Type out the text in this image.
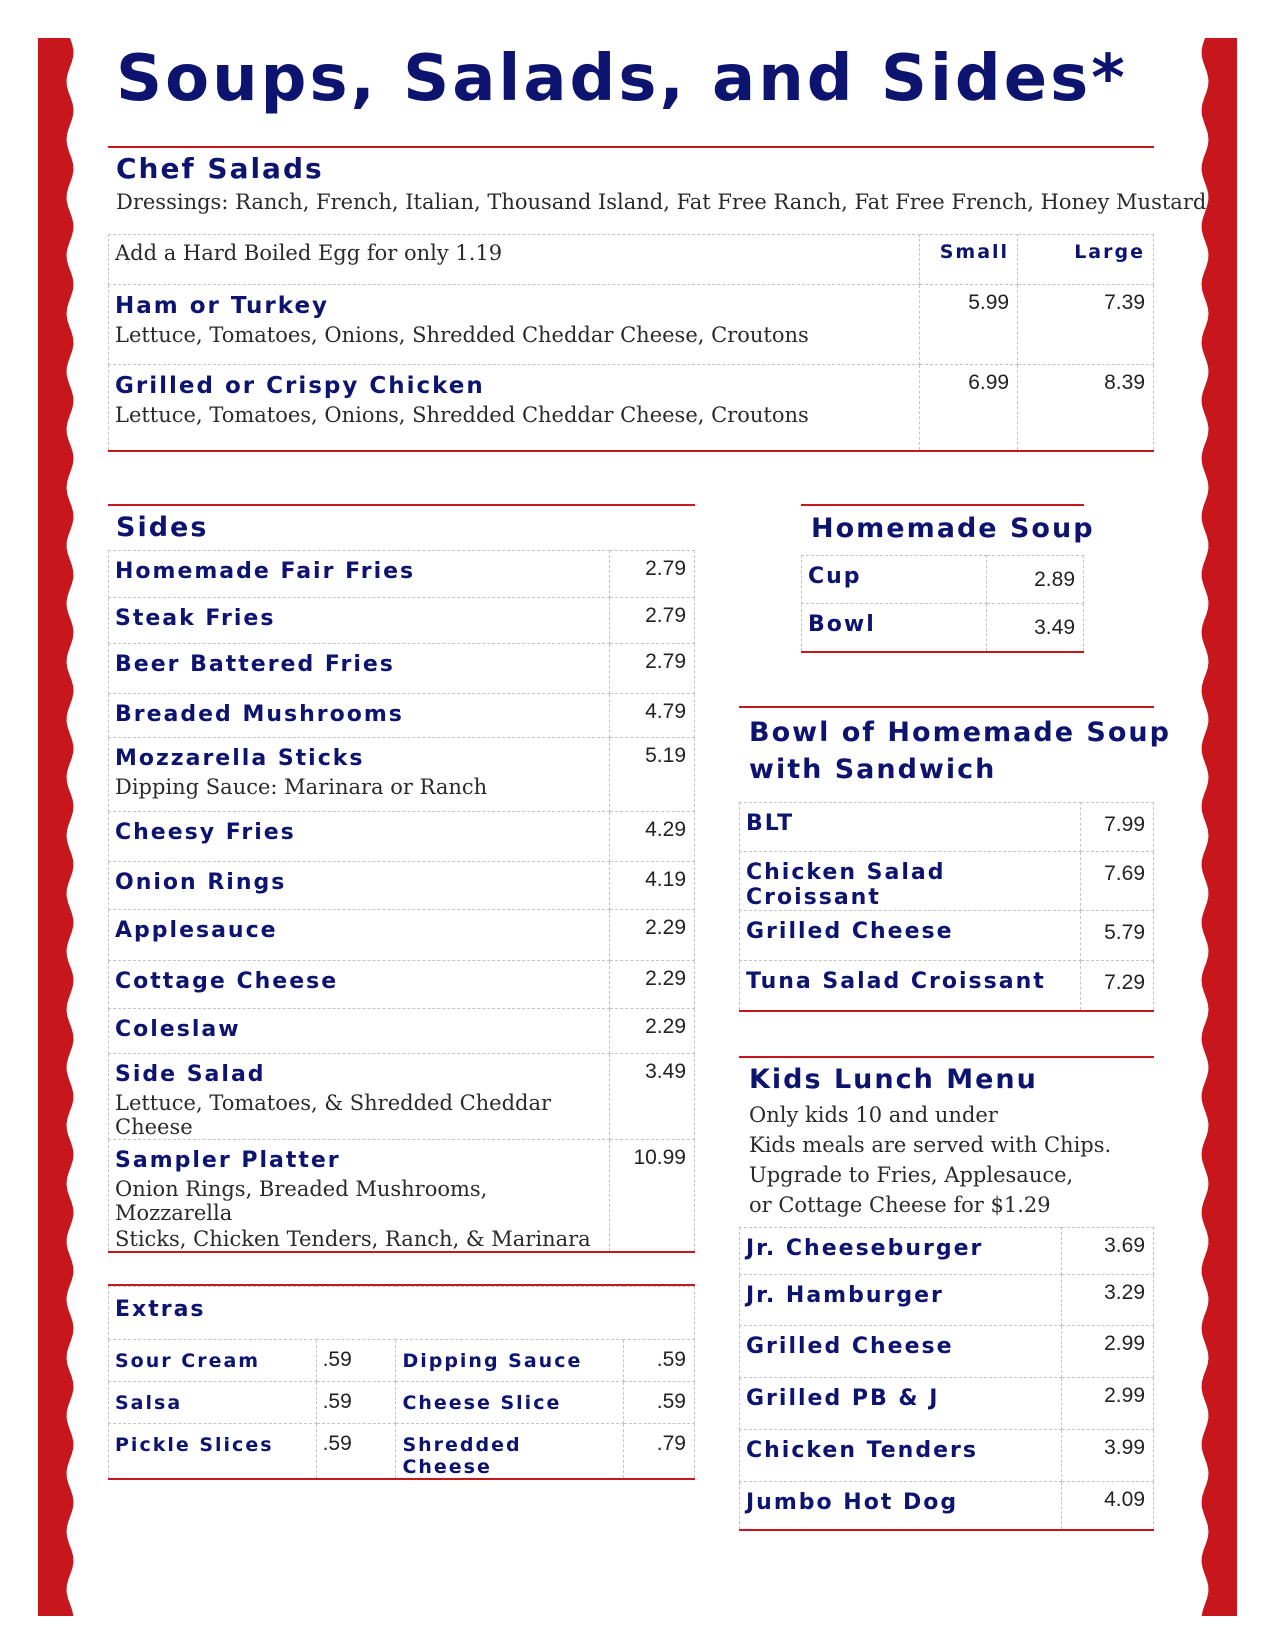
Soups, Salads, and Sides*
Chef Salads
Dressings: Ranch, French, Italian, Thousand Island, Fat Free Ranch, Fat Free French, Honey Mustard
Add a Hard Boiled Egg for only 1.19	Small	Large

Ham or Turkey
Lettuce, Tomatoes, Onions, Shredded Cheddar Cheese, Croutons	5.99	7.39

Grilled or Crispy Chicken
Lettuce, Tomatoes, Onions, Shredded Cheddar Cheese, Croutons	6.99	8.39
Sides
Homemade Fair Fries	2.79

Steak Fries	2.79

Beer Battered Fries	2.79

Breaded Mushrooms	4.79

Mozzarella Sticks
Dipping Sauce: Marinara or Ranch	5.19

Cheesy Fries	4.29

Onion Rings	4.19

Applesauce	2.29

Cottage Cheese	2.29

Coleslaw	2.29

Side Salad
Lettuce, Tomatoes, & Shredded Cheddar Cheese	3.49

Sampler Platter
Onion Rings, Breaded Mushrooms, Mozzarella
Sticks, Chicken Tenders, Ranch, & Marinara	10.99
Extras			

Sour Cream	.59	Dipping Sauce	.59

Salsa	.59	Cheese Slice	.59

Pickle Slices	.59	Shredded Cheese	.79
Homemade Soup
Cup	2.89

Bowl	3.49
Bowl of Homemade Soup
with Sandwich
BLT	7.99

Chicken Salad Croissant	7.69

Grilled Cheese	5.79

Tuna Salad Croissant	7.29
Kids Lunch Menu
Only kids 10 and under
Kids meals are served with Chips.
Upgrade to Fries, Applesauce,
or Cottage Cheese for $1.29
Jr. Cheeseburger	3.69

Jr. Hamburger	3.29

Grilled Cheese	2.99

Grilled PB & J	2.99

Chicken Tenders	3.99

Jumbo Hot Dog	4.09
